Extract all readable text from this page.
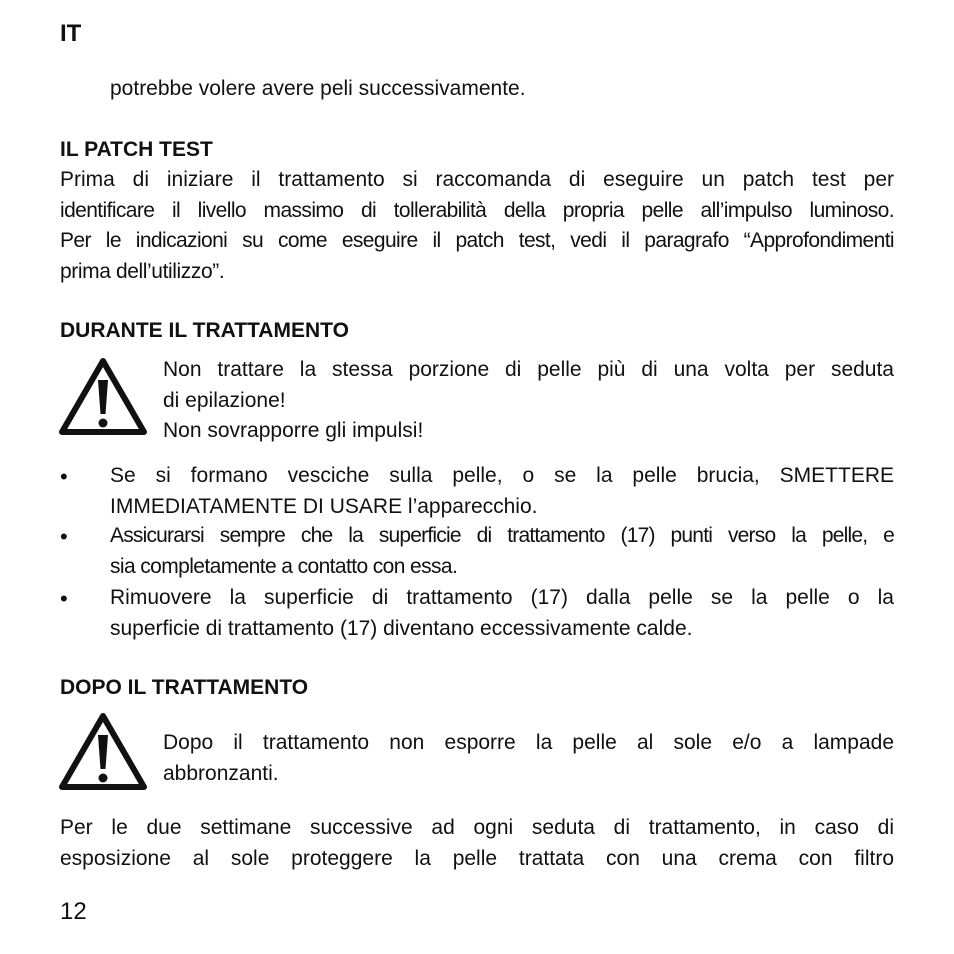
IT
potrebbe volere avere peli successivamente.
IL PATCH TEST
Prima di iniziare il trattamento si raccomanda di eseguire un patch test per
identificare il livello massimo di tollerabilità della propria pelle all’impulso luminoso.
Per le indicazioni su come eseguire il patch test, vedi il paragrafo “Approfondimenti
prima dell’utilizzo”.
DURANTE IL TRATTAMENTO
Non trattare la stessa porzione di pelle più di una volta per seduta
di epilazione!
Non sovrapporre gli impulsi!
• Se si formano vesciche sulla pelle, o se la pelle brucia, SMETTERE
IMMEDIATAMENTE DI USARE l’apparecchio.
• Assicurarsi sempre che la superficie di trattamento (17) punti verso la pelle, e
sia completamente a contatto con essa.
• Rimuovere la superficie di trattamento (17) dalla pelle se la pelle o la
superficie di trattamento (17) diventano eccessivamente calde.
DOPO IL TRATTAMENTO
Dopo il trattamento non esporre la pelle al sole e/o a lampade
abbronzanti.
Per le due settimane successive ad ogni seduta di trattamento, in caso di
esposizione al sole proteggere la pelle trattata con una crema con filtro
12
